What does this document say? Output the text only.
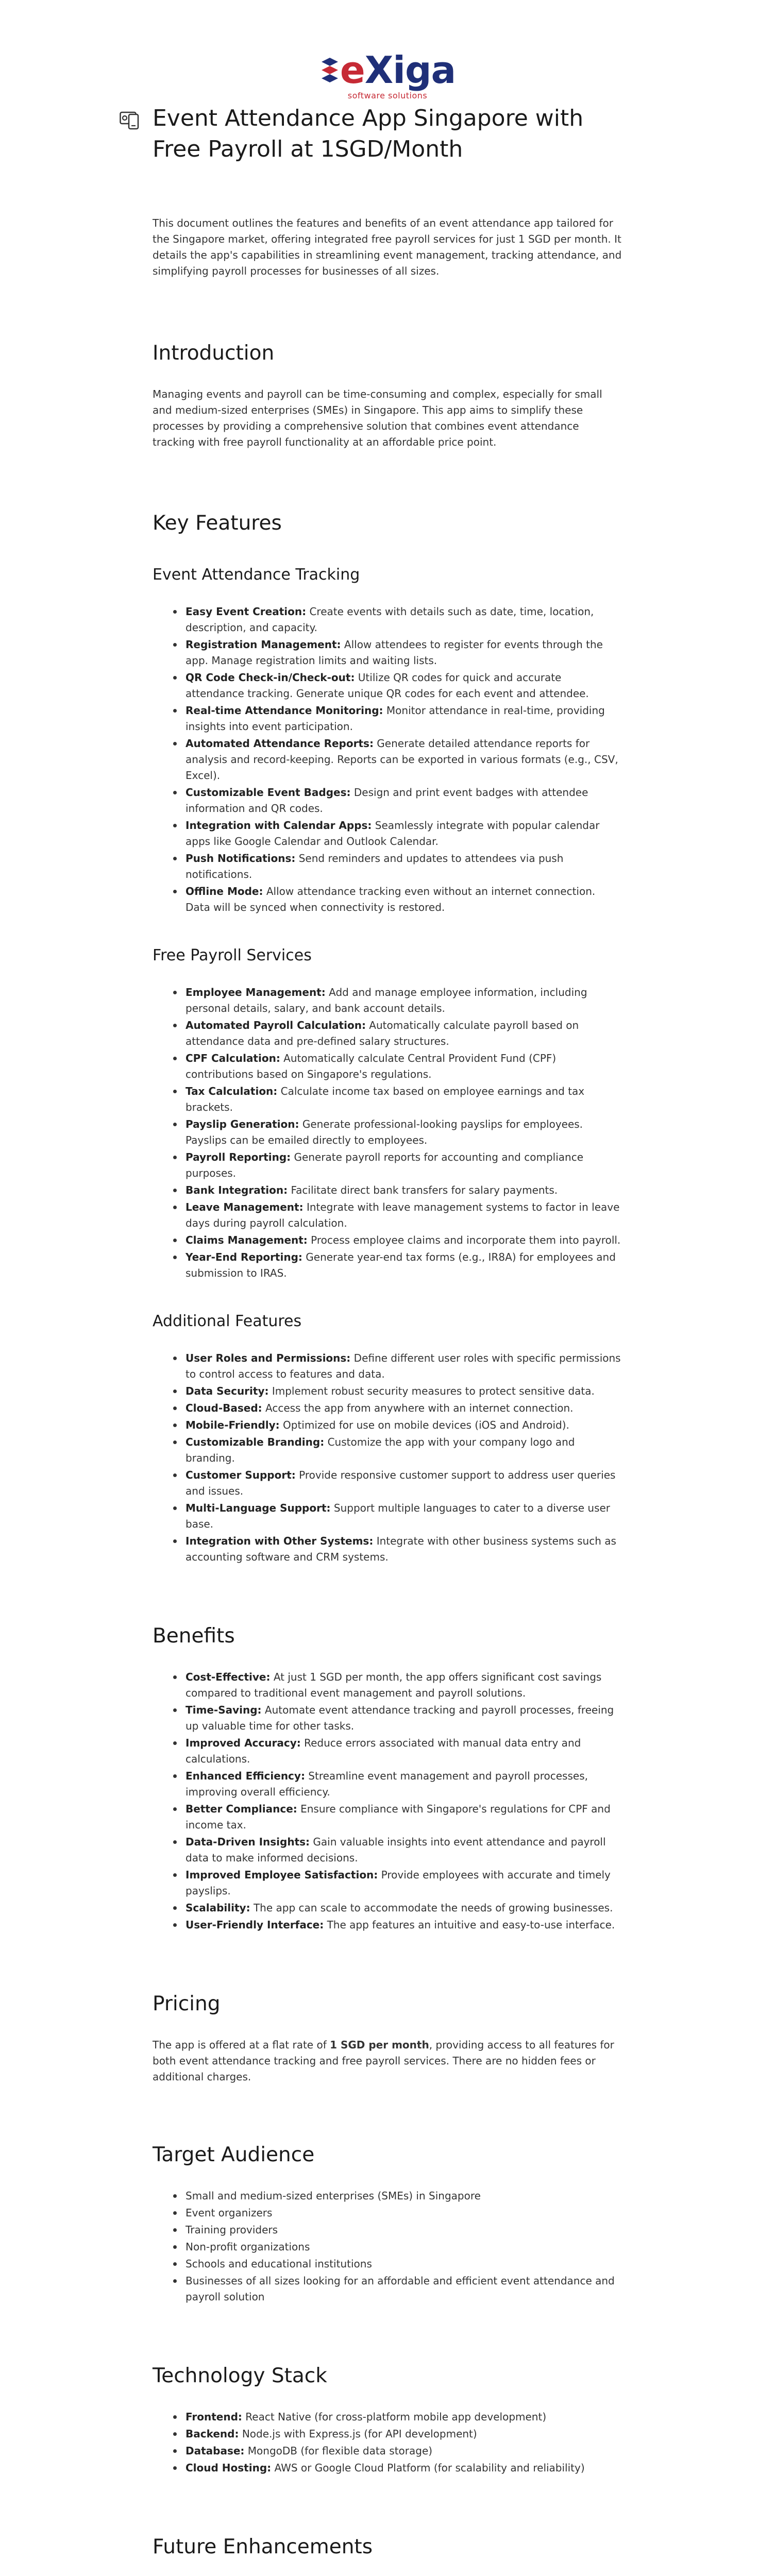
eXiga
software solutions
Event Attendance App Singapore with Free Payroll at 1SGD/Month

This document outlines the features and benefits of an event attendance app tailored for the Singapore market, offering integrated free payroll services for just 1 SGD per month. It details the app's capabilities in streamlining event management, tracking attendance, and simplifying payroll processes for businesses of all sizes.

Introduction

Managing events and payroll can be time-consuming and complex, especially for small and medium-sized enterprises (SMEs) in Singapore. This app aims to simplify these processes by providing a comprehensive solution that combines event attendance tracking with free payroll functionality at an affordable price point.

Key Features
Event Attendance Tracking
Easy Event Creation: Create events with details such as date, time, location, description, and capacity.
Registration Management: Allow attendees to register for events through the app. Manage registration limits and waiting lists.
QR Code Check-in/Check-out: Utilize QR codes for quick and accurate attendance tracking. Generate unique QR codes for each event and attendee.
Real-time Attendance Monitoring: Monitor attendance in real-time, providing insights into event participation.
Automated Attendance Reports: Generate detailed attendance reports for analysis and record-keeping. Reports can be exported in various formats (e.g., CSV, Excel).
Customizable Event Badges: Design and print event badges with attendee information and QR codes.
Integration with Calendar Apps: Seamlessly integrate with popular calendar apps like Google Calendar and Outlook Calendar.
Push Notifications: Send reminders and updates to attendees via push notifications.
Offline Mode: Allow attendance tracking even without an internet connection. Data will be synced when connectivity is restored.
Free Payroll Services
Employee Management: Add and manage employee information, including personal details, salary, and bank account details.
Automated Payroll Calculation: Automatically calculate payroll based on attendance data and pre-defined salary structures.
CPF Calculation: Automatically calculate Central Provident Fund (CPF) contributions based on Singapore's regulations.
Tax Calculation: Calculate income tax based on employee earnings and tax brackets.
Payslip Generation: Generate professional-looking payslips for employees. Payslips can be emailed directly to employees.
Payroll Reporting: Generate payroll reports for accounting and compliance purposes.
Bank Integration: Facilitate direct bank transfers for salary payments.
Leave Management: Integrate with leave management systems to factor in leave days during payroll calculation.
Claims Management: Process employee claims and incorporate them into payroll.
Year-End Reporting: Generate year-end tax forms (e.g., IR8A) for employees and submission to IRAS.
Additional Features
User Roles and Permissions: Define different user roles with specific permissions to control access to features and data.
Data Security: Implement robust security measures to protect sensitive data.
Cloud-Based: Access the app from anywhere with an internet connection.
Mobile-Friendly: Optimized for use on mobile devices (iOS and Android).
Customizable Branding: Customize the app with your company logo and branding.
Customer Support: Provide responsive customer support to address user queries and issues.
Multi-Language Support: Support multiple languages to cater to a diverse user base.
Integration with Other Systems: Integrate with other business systems such as accounting software and CRM systems.
Benefits
Cost-Effective: At just 1 SGD per month, the app offers significant cost savings compared to traditional event management and payroll solutions.
Time-Saving: Automate event attendance tracking and payroll processes, freeing up valuable time for other tasks.
Improved Accuracy: Reduce errors associated with manual data entry and calculations.
Enhanced Efficiency: Streamline event management and payroll processes, improving overall efficiency.
Better Compliance: Ensure compliance with Singapore's regulations for CPF and income tax.
Data-Driven Insights: Gain valuable insights into event attendance and payroll data to make informed decisions.
Improved Employee Satisfaction: Provide employees with accurate and timely payslips.
Scalability: The app can scale to accommodate the needs of growing businesses.
User-Friendly Interface: The app features an intuitive and easy-to-use interface.
Pricing

The app is offered at a flat rate of 1 SGD per month, providing access to all features for both event attendance tracking and free payroll services. There are no hidden fees or additional charges.

Target Audience
Small and medium-sized enterprises (SMEs) in Singapore
Event organizers
Training providers
Non-profit organizations
Schools and educational institutions
Businesses of all sizes looking for an affordable and efficient event attendance and payroll solution
Technology Stack
Frontend: React Native (for cross-platform mobile app development)
Backend: Node.js with Express.js (for API development)
Database: MongoDB (for flexible data storage)
Cloud Hosting: AWS or Google Cloud Platform (for scalability and reliability)
Future Enhancements
